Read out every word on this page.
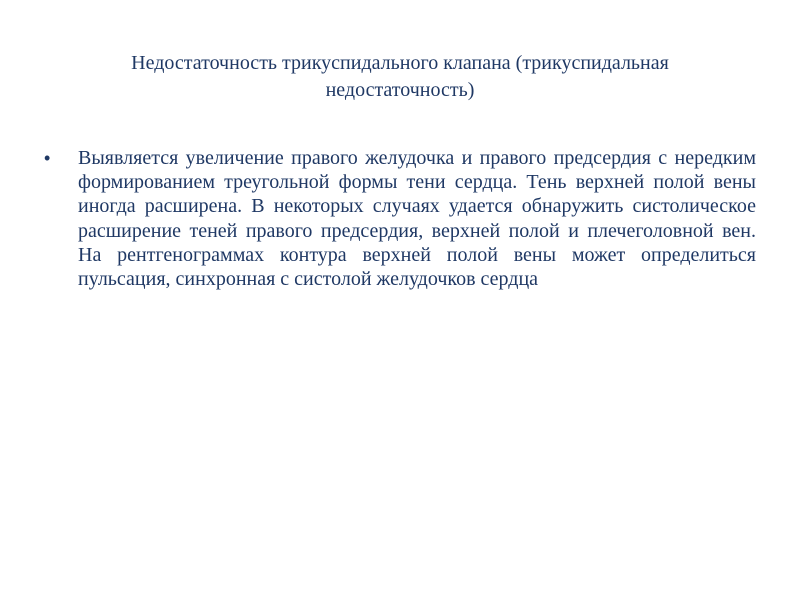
Недостаточность трикуспидального клапана (трикуспидальная недостаточность)
•	Выявляется увеличение правого желудочка и правого предсердия с нередким формированием треугольной формы тени сердца. Тень верхней полой вены иногда расширена. В некоторых случаях удается обнаружить систолическое расширение теней правого предсердия, верхней полой и плечеголовной вен. На рентгенограммах контура верхней полой вены может определиться пульсация, синхронная с систолой желудочков сердца
